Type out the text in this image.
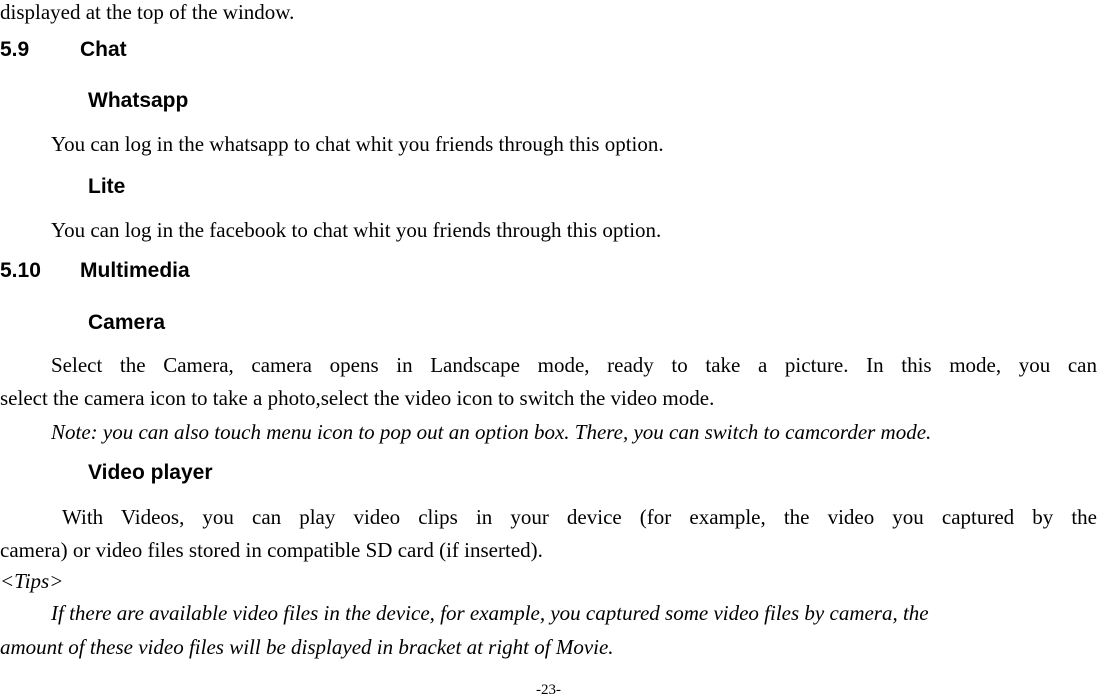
displayed at the top of the window.
5.9 Chat
Whatsapp
You can log in the whatsapp to chat whit you friends through this option.
Lite
You can log in the facebook to chat whit you friends through this option.
5.10 Multimedia
Camera
Select the Camera, camera opens in Landscape mode, ready to take a picture. In this mode, you can
select the camera icon to take a photo,select the video icon to switch the video mode.
Note: you can also touch menu icon to pop out an option box. There, you can switch to camcorder mode.
Video player
With Videos, you can play video clips in your device (for example, the video you captured by the
camera) or video files stored in compatible SD card (if inserted).
<Tips>
If there are available video files in the device, for example, you captured some video files by camera, the
amount of these video files will be displayed in bracket at right of Movie.
-23-
